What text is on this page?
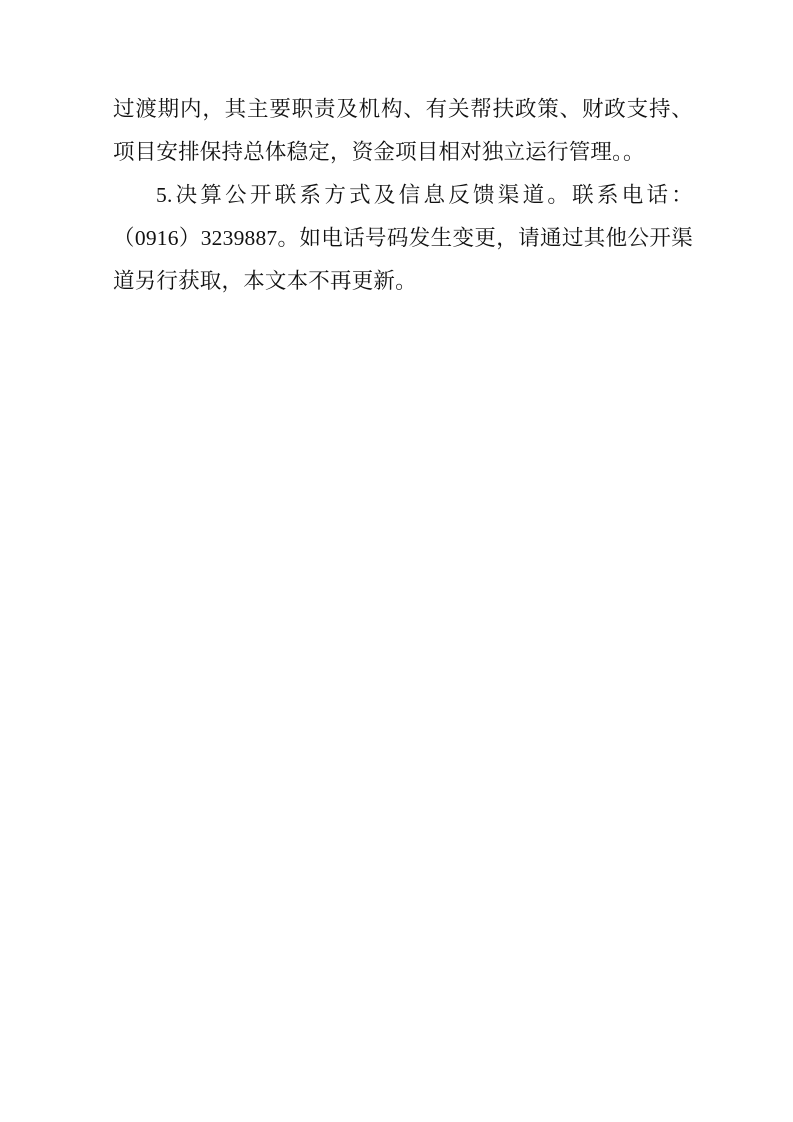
过渡期内，其主要职责及机构、有关帮扶政策、财政支持、项目安排保持总体稳定，资金项目相对独立运行管理。。

5.决算公开联系方式及信息反馈渠道。联系电话：（0916）3239887。如电话号码发生变更，请通过其他公开渠道另行获取，本文本不再更新。
